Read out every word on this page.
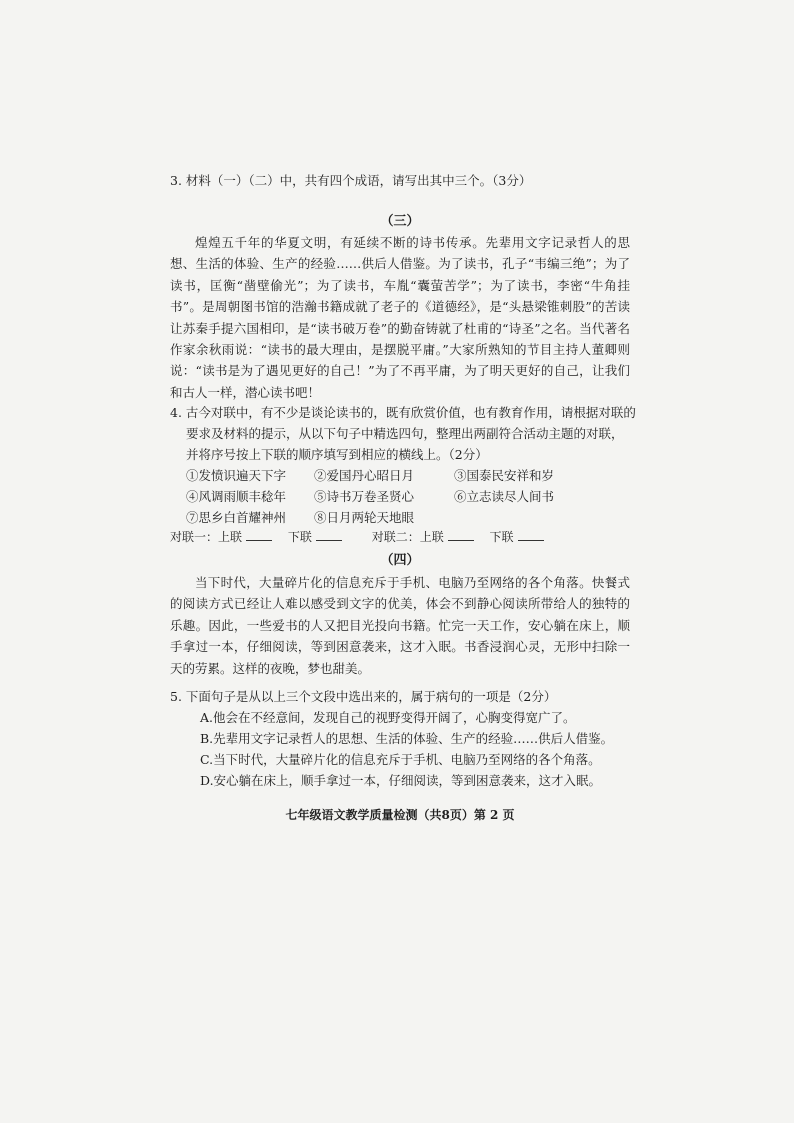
3. 材料（一）（二）中，共有四个成语，请写出其中三个。（3分）
（三）
煌煌五千年的华夏文明，有延续不断的诗书传承。先辈用文字记录哲人的思想、生活的体验、生产的经验……供后人借鉴。为了读书，孔子“韦编三绝”；为了读书，匡衡“凿壁偷光”；为了读书，车胤“囊萤苦学”；为了读书，李密“牛角挂书”。是周朝图书馆的浩瀚书籍成就了老子的《道德经》，是“头悬梁锥刺股”的苦读让苏秦手提六国相印，是“读书破万卷”的勤奋铸就了杜甫的“诗圣”之名。当代著名作家余秋雨说：“读书的最大理由，是摆脱平庸。”大家所熟知的节目主持人董卿则说：“读书是为了遇见更好的自己！”为了不再平庸，为了明天更好的自己，让我们和古人一样，潜心读书吧！
4. 古今对联中，有不少是谈论读书的，既有欣赏价值，也有教育作用，请根据对联的
要求及材料的提示，从以下句子中精选四句，整理出两副符合活动主题的对联，
并将序号按上下联的顺序填写到相应的横线上。（2分）
①发愤识遍天下字	②爱国丹心昭日月	③国泰民安祥和岁
④风调雨顺丰稔年	⑤诗书万卷圣贤心	⑥立志读尽人间书
⑦思乡白首耀神州	⑧日月两轮天地眼
对联一：上联	下联	对联二：上联	下联
（四）
当下时代，大量碎片化的信息充斥于手机、电脑乃至网络的各个角落。快餐式的阅读方式已经让人难以感受到文字的优美，体会不到静心阅读所带给人的独特的乐趣。因此，一些爱书的人又把目光投向书籍。忙完一天工作，安心躺在床上，顺手拿过一本，仔细阅读，等到困意袭来，这才入眠。书香浸润心灵，无形中扫除一天的劳累。这样的夜晚，梦也甜美。
5. 下面句子是从以上三个文段中选出来的，属于病句的一项是（2分）
A.他会在不经意间，发现自己的视野变得开阔了，心胸变得宽广了。
B.先辈用文字记录哲人的思想、生活的体验、生产的经验……供后人借鉴。
C.当下时代，大量碎片化的信息充斥于手机、电脑乃至网络的各个角落。
D.安心躺在床上，顺手拿过一本，仔细阅读，等到困意袭来，这才入眠。
七年级语文教学质量检测（共8页）第 2 页
